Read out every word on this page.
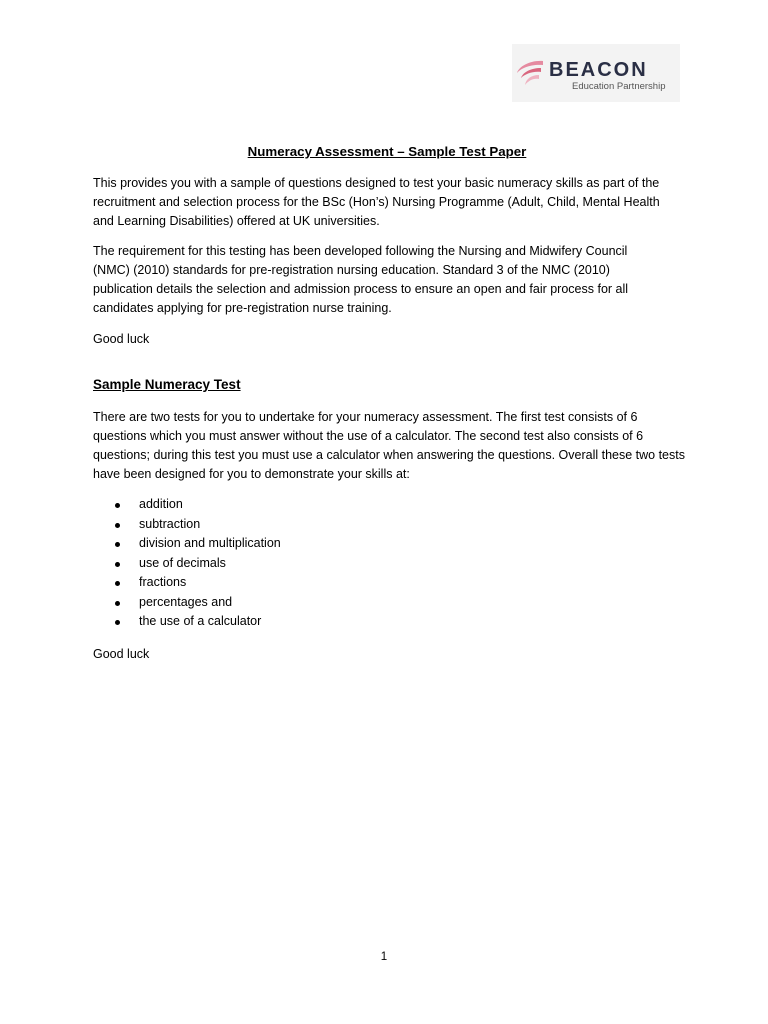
BEACON
Education Partnership
Numeracy Assessment – Sample Test Paper

This provides you with a sample of questions designed to test your basic numeracy skills as part of the recruitment and selection process for the BSc (Hon’s) Nursing Programme (Adult, Child, Mental Health and Learning Disabilities) offered at UK universities.

The requirement for this testing has been developed following the Nursing and Midwifery Council (NMC) (2010) standards for pre-registration nursing education. Standard 3 of the NMC (2010) publication details the selection and admission process to ensure an open and fair process for all candidates applying for pre-registration nurse training.

Good luck

Sample Numeracy Test

There are two tests for you to undertake for your numeracy assessment. The first test consists of 6 questions which you must answer without the use of a calculator. The second test also consists of 6 questions; during this test you must use a calculator when answering the questions. Overall these two tests have been designed for you to demonstrate your skills at:

addition
subtraction
division and multiplication
use of decimals
fractions
percentages and
the use of a calculator

Good luck

1
